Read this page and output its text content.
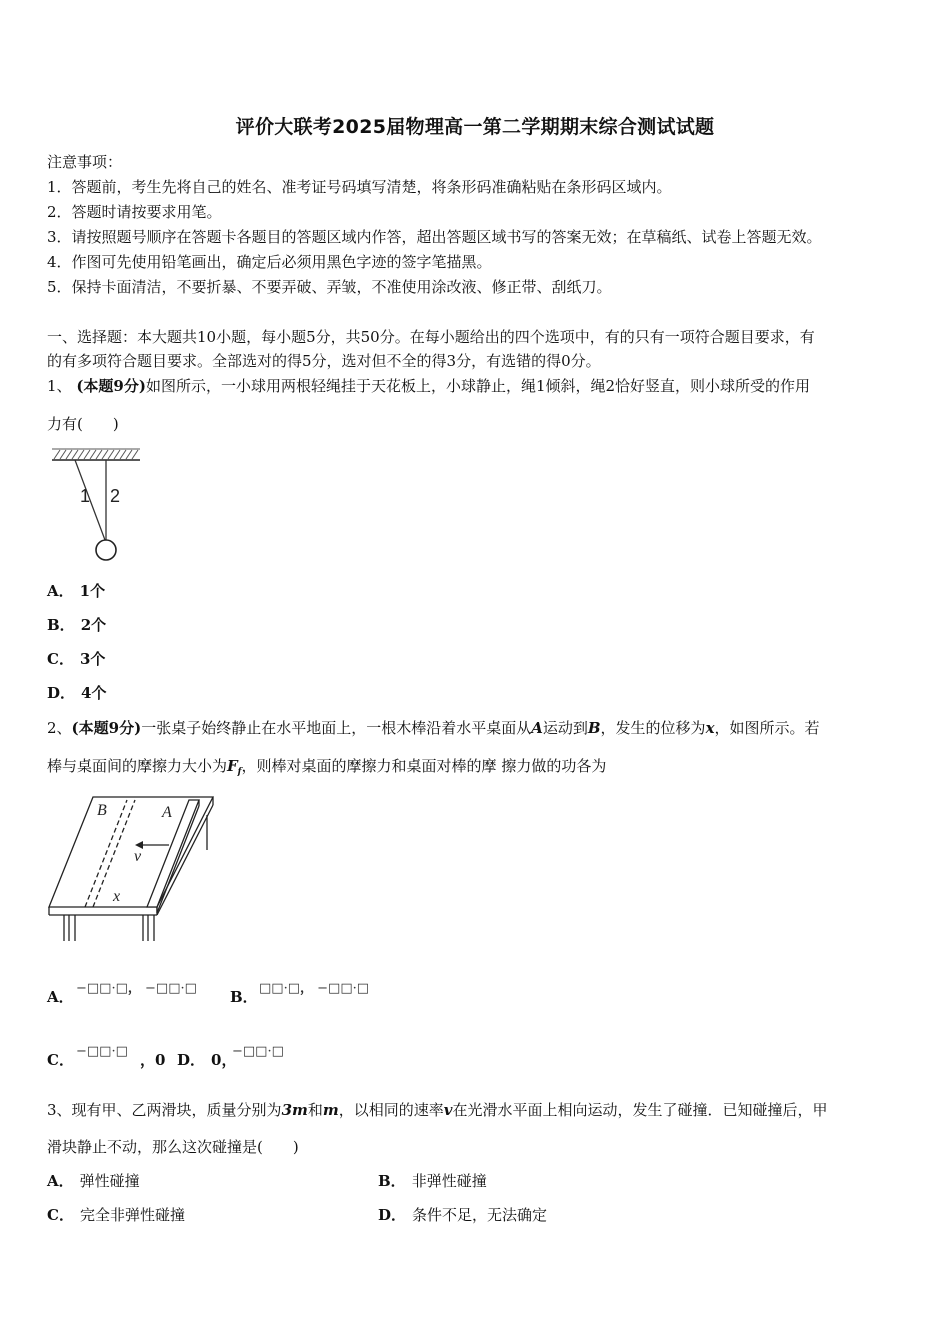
评价大联考2025届物理高一第二学期期末综合测试试题
注意事项：
1．答题前，考生先将自己的姓名、准考证号码填写清楚，将条形码准确粘贴在条形码区域内。
2．答题时请按要求用笔。
3．请按照题号顺序在答题卡各题目的答题区域内作答，超出答题区域书写的答案无效；在草稿纸、试卷上答题无效。
4．作图可先使用铅笔画出，确定后必须用黑色字迹的签字笔描黑。
5．保持卡面清洁，不要折暴、不要弄破、弄皱，不准使用涂改液、修正带、刮纸刀。
一、选择题：本大题共10小题，每小题5分，共50分。在每小题给出的四个选项中，有的只有一项符合题目要求，有
的有多项符合题目要求。全部选对的得5分，选对但不全的得3分，有选错的得0分。
1、 (本题9分)如图所示，一小球用两根轻绳挂于天花板上，小球静止，绳1倾斜，绳2恰好竖直，则小球所受的作用
力有(　　)
1 2
A． 1个
B． 2个
C． 3个
D． 4个
2、(本题9分)一张桌子始终静止在水平地面上，一根木棒沿着水平桌面从A运动到B，发生的位移为x，如图所示。若
棒与桌面间的摩擦力大小为$F_f$，则棒对桌面的摩擦力和桌面对棒的摩 擦力做的功各为
B	A
v
x
A． −□□·□， −□□·□ B． □□·□， −□□·□
C． −□□·□ ，0 D． 0，
−□□·□
3、现有甲、乙两滑块，质量分别为3m和m，以相同的速率v在光滑水平面上相向运动，发生了碰撞．已知碰撞后，甲
滑块静止不动，那么这次碰撞是(　　)
A． 弹性碰撞	B． 非弹性碰撞
C． 完全非弹性碰撞	D． 条件不足，无法确定
